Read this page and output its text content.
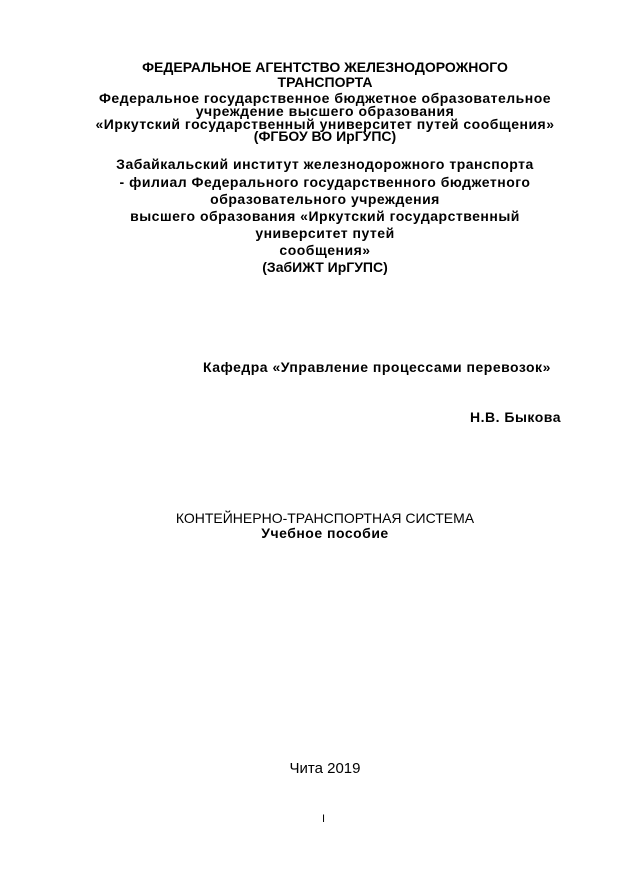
ФЕДЕРАЛЬНОЕ АГЕНТСТВО ЖЕЛЕЗНОДОРОЖНОГО
ТРАНСПОРТА
Федеральное государственное бюджетное образовательное
учреждение высшего образования
«Иркутский государственный университет путей сообщения»
(ФГБОУ ВО ИрГУПС)
Забайкальский институт железнодорожного транспорта
- филиал Федерального государственного бюджетного
образовательного учреждения
высшего образования «Иркутский государственный
университет путей
сообщения»
(ЗабИЖТ ИрГУПС)
Кафедра «Управление процессами перевозок»
Н.В. Быкова
КОНТЕЙНЕРНО-ТРАНСПОРТНАЯ СИСТЕМА
Учебное пособие
Чита 2019
I
